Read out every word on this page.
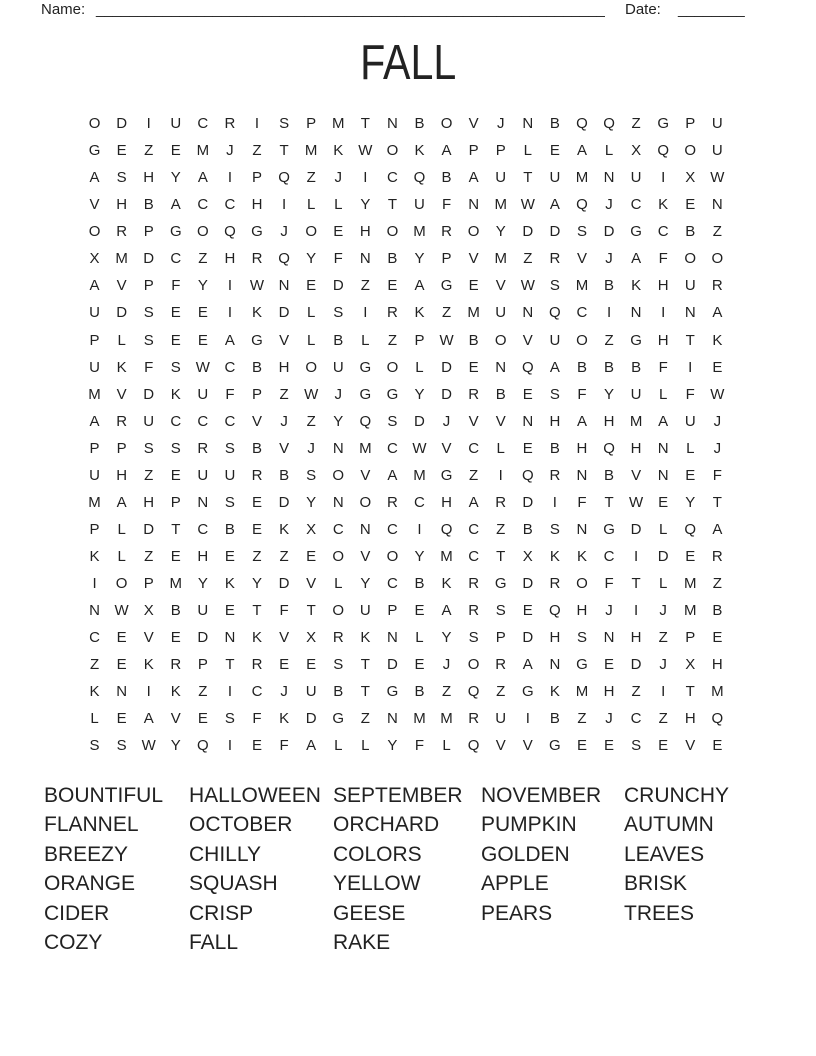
Name: _____________________________________________________________ Date: ________
FALL
O	D	I	U	C	R	I	S	P	M	T	N	B	O	V	J	N	B	Q	Q	Z	G	P	U
G	E	Z	E	M	J	Z	T	M	K W O	K	A	P	P	L	E	A	L	X	Q	O	U
A	S	H	Y	A	I	P	Q	Z	J	I	C	Q	B	A	U	T	U	M	N	U	I	X W
V	H	B	A	C	C	H	I	L	L	Y	T	U	F	N	M W A	Q	J	C	K	E	N
O	R	P	G	O	Q	G	J	O	E	H	O M	R	O	Y	D	D	S	D	G	C	B	Z
X	M	D	C	Z	H	R	Q	Y	F	N	B	Y	P	V	M	Z	R	V	J	A	F	O	O
A	V	P	F	Y	I	W N	E	D	Z	E	A	G	E	V W S	M	B	K	H	U	R
U	D	S	E	E	I	K	D	L	S	I	R	K	Z	M	U	N	Q	C	I	N	I	N	A
P	L	S	E	E	A	G	V	L	B	L	Z	P W B	O	V	U	O	Z	G	H	T	K
U	K	F	S W C	B	H	O	U	G	O	L	D	E	N	Q	A	B	B	B	F	I	E
M	V	D	K	U	F	P	Z	W	J	G	G	Y	D	R	B	E	S	F	Y	U	L	F	W
A	R	U	C	C	C	V	J	Z	Y	Q	S	D	J	V	V	N	H	A	H	M	A	U	J
P	P	S	S	R	S	B	V	J	N	M	C W V	C	L	E	B	H	Q	H	N	L	J
U	H	Z	E	U	U	R	B	S	O	V	A	M	G	Z	I	Q	R	N	B	V	N	E	F
M	A	H	P	N	S	E	D	Y	N	O	R	C	H	A	R	D	I	F	T	W E	Y	T
P	L	D	T	C	B	E	K	X	C	N	C	I	Q	C	Z	B	S	N	G	D	L	Q	A
K	L	Z	E	H	E	Z	Z	E	O	V	O	Y	M	C	T	X	K	K	C	I	D	E	R
I	O	P	M	Y	K	Y	D	V	L	Y	C	B	K	R	G	D	R	O	F	T	L	M	Z
N W X	B	U	E	T	F	T	O	U	P	E	A	R	S	E	Q	H	J	I	J	M	B
C	E	V	E	D	N	K	V	X	R	K	N	L	Y	S	P	D	H	S	N	H	Z	P	E
Z	E	K	R	P	T	R	E	E	S	T	D	E	J	O	R	A	N	G	E	D	J	X	H
K	N	I	K	Z	I	C	J	U	B	T	G	B	Z	Q	Z	G	K	M	H	Z	I	T	M
L	E	A	V	E	S	F	K	D	G	Z	N	M M	R	U	I	B	Z	J	C	Z	H	Q
S	S W Y	Q	I	E	F	A	L	L	Y	F	L	Q	V	V	G	E	E	S	E	V	E
BOUNTIFUL
FLANNEL
BREEZY
ORANGE
CIDER
COZY
HALLOWEEN
OCTOBER
CHILLY
SQUASH
CRISP
FALL
SEPTEMBER
ORCHARD
COLORS
YELLOW
GEESE
RAKE
NOVEMBER
PUMPKIN
GOLDEN
APPLE
PEARS
CRUNCHY
AUTUMN
LEAVES
BRISK
TREES
